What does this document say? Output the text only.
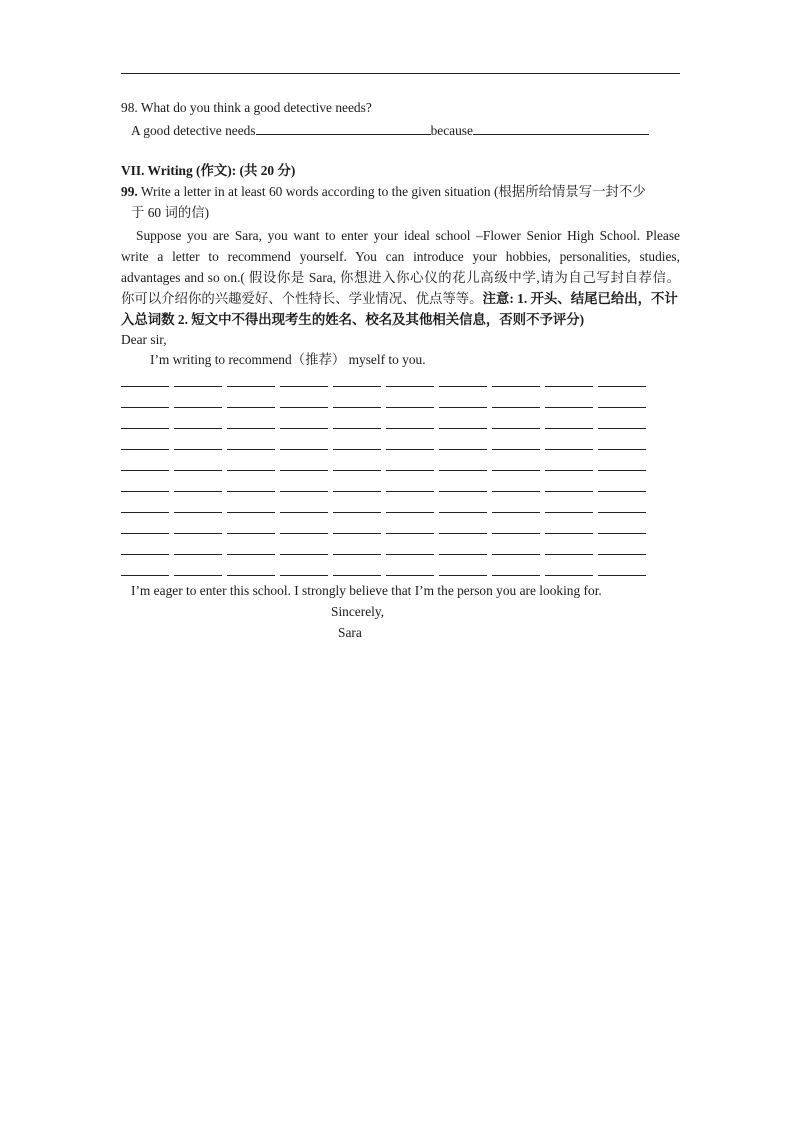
98. What do you think a good detective needs?
A good detective needs	because
VII. Writing (作文): (共 20 分)
99. Write a letter in at least 60 words according to the given situation (根据所给情景写一封不少
于 60 词的信)
Suppose you are Sara, you want to enter your ideal school –Flower Senior High School. Please
write a letter to recommend yourself. You can introduce your hobbies, personalities, studies,
advantages and so on.( 假设你是 Sara, 你想进入你心仪的花儿高级中学,请为自己写封自荐信。
你可以介绍你的兴趣爱好、个性特长、学业情况、优点等等。注意: 1. 开头、结尾已给出，不计
入总词数 2. 短文中不得出现考生的姓名、校名及其他相关信息，否则不予评分)
Dear sir,
I’m writing to recommend（推荐） myself to you.
I’m eager to enter this school. I strongly believe that I’m the person you are looking for.
Sincerely,
Sara
